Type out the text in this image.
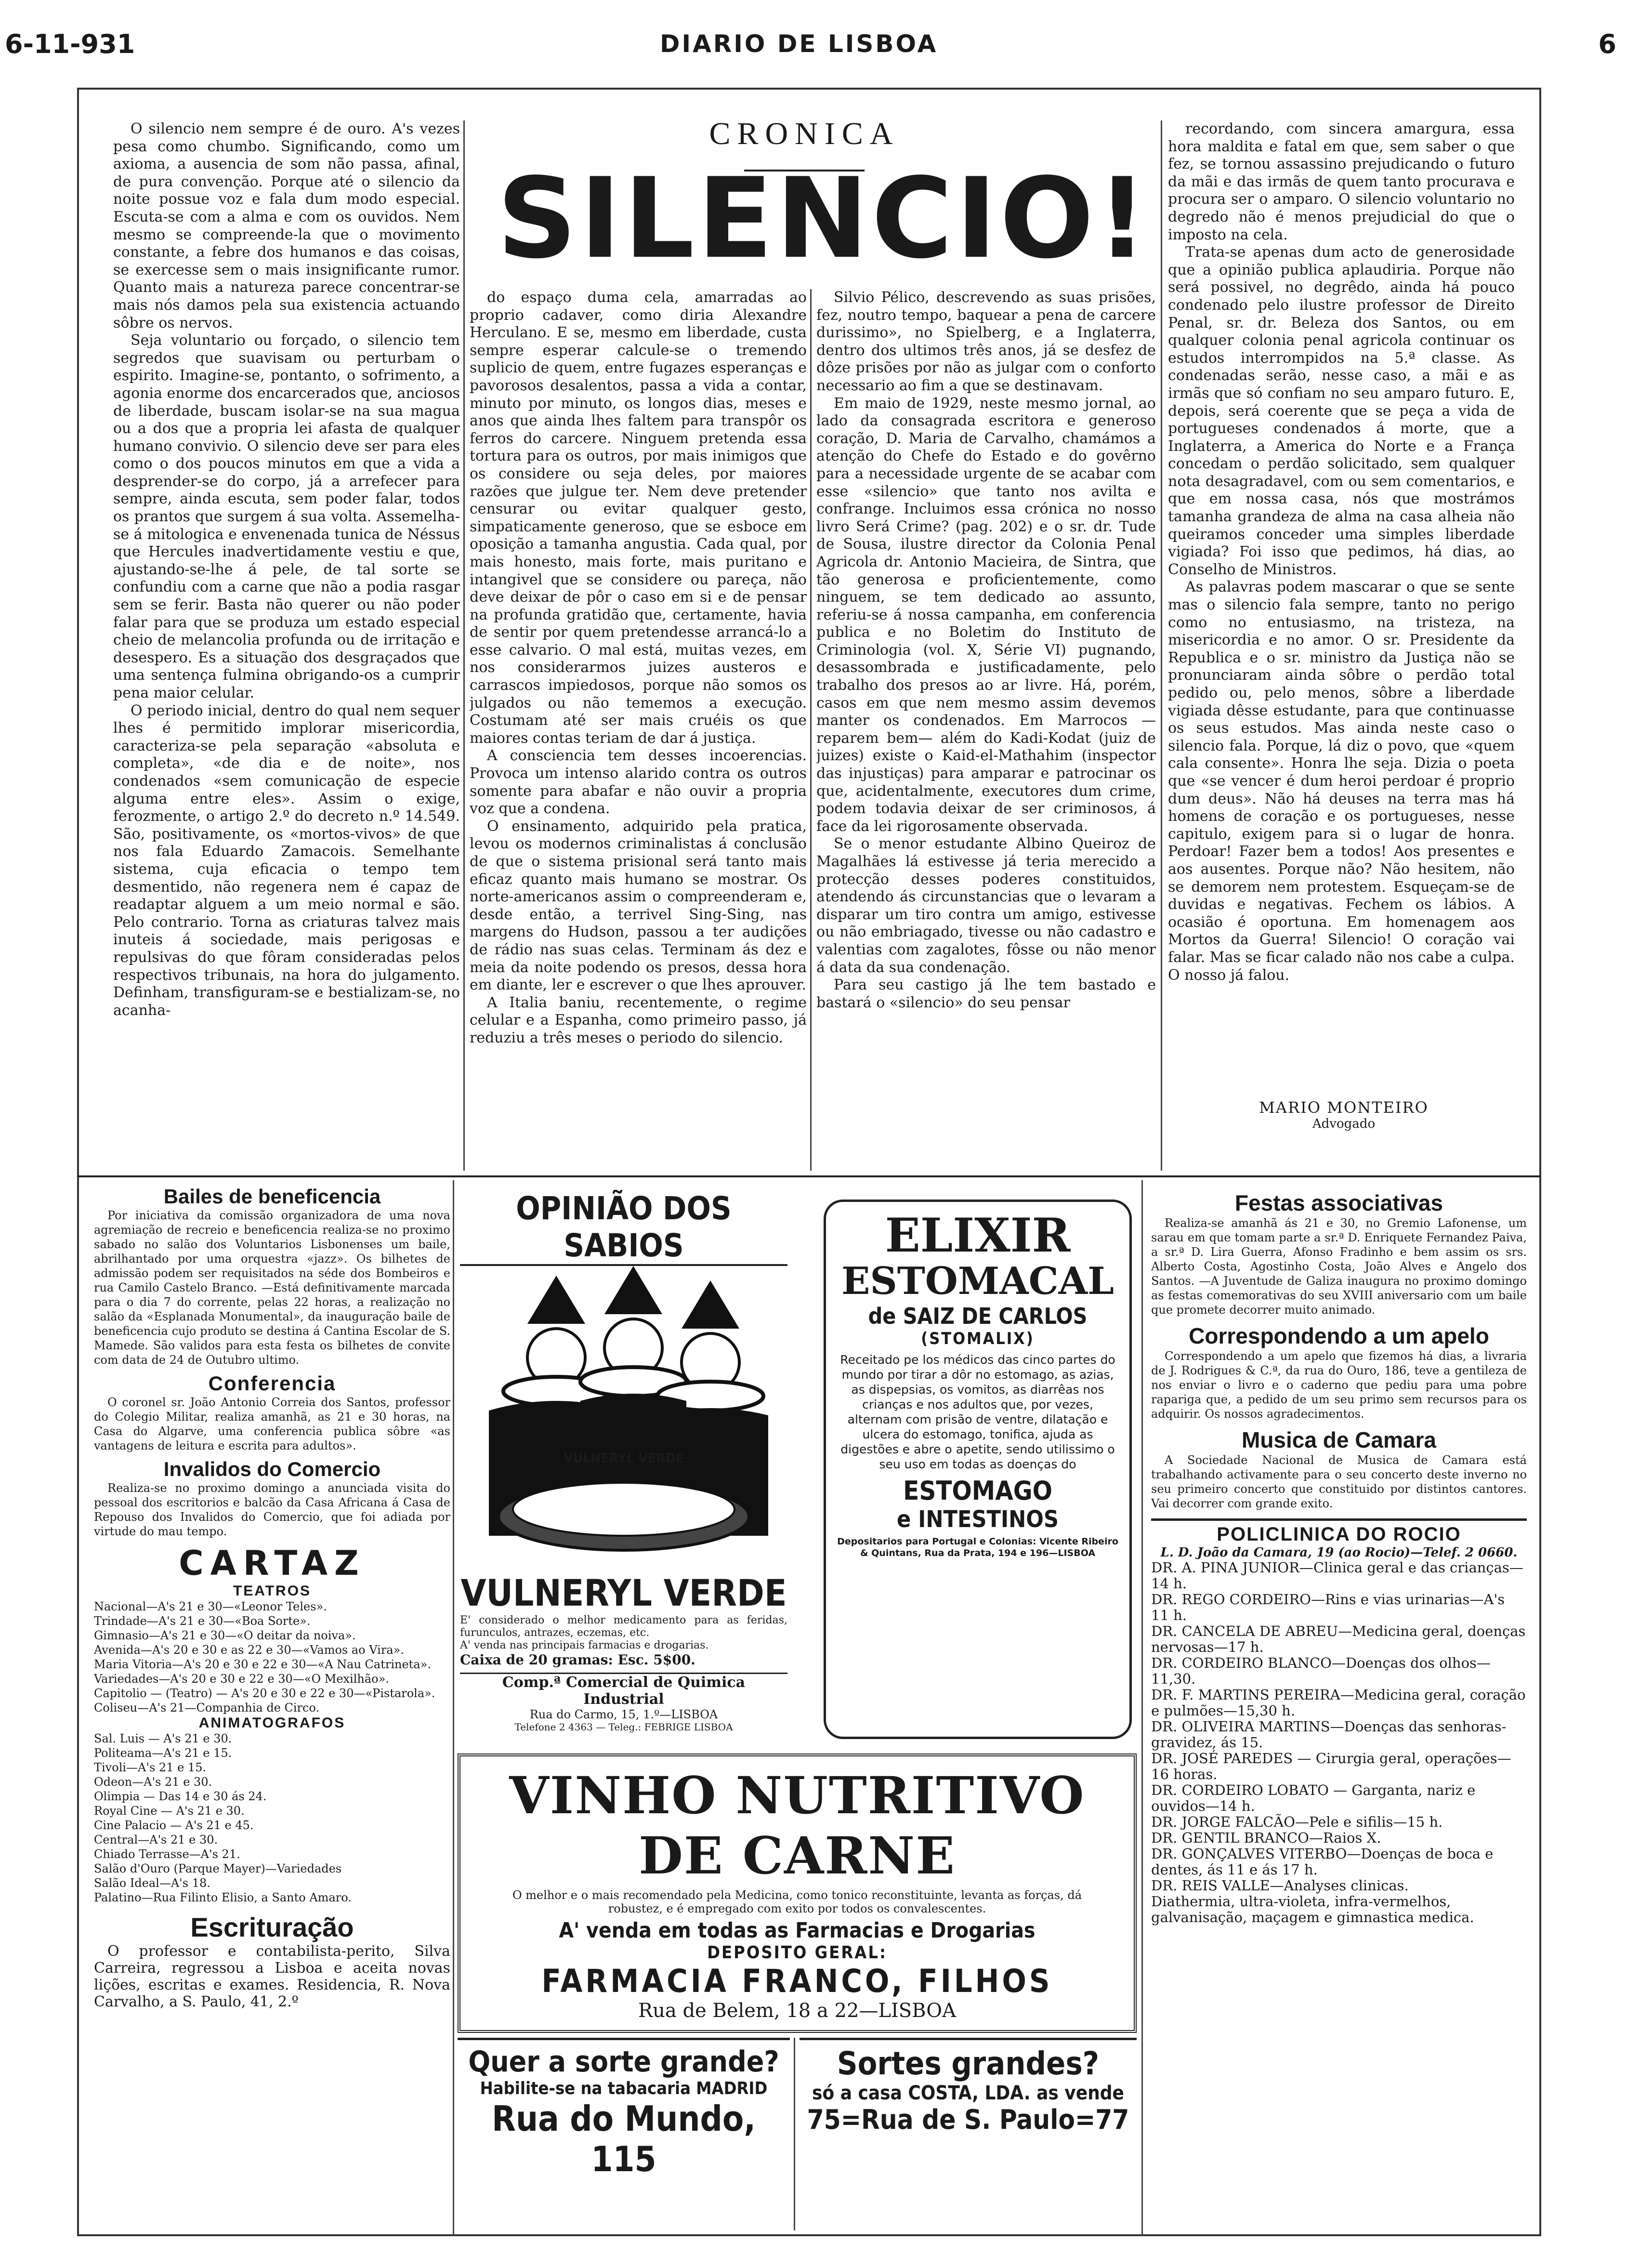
6-11-931	DIARIO DE LISBOA	6
CRONICA
SILENCIO!

O silencio nem sempre é de ouro. A's vezes pesa como chumbo. Significando, como um axioma, a ausencia de som não passa, afinal, de pura convenção. Porque até o silencio da noite possue voz e fala dum modo especial. Escuta-se com a alma e com os ouvidos. Nem mesmo se compreende-la que o movimento constante, a febre dos humanos e das coisas, se exercesse sem o mais insignificante rumor. Quanto mais a natureza parece concentrar-se mais nós damos pela sua existencia actuando sôbre os nervos.

Seja voluntario ou forçado, o silencio tem segredos que suavisam ou perturbam o espirito. Imagine-se, pontanto, o sofrimento, a agonia enorme dos encarcerados que, anciosos de liberdade, buscam isolar-se na sua magua ou a dos que a propria lei afasta de qualquer humano convivio. O silencio deve ser para eles como o dos poucos minutos em que a vida a desprender-se do corpo, já a arrefecer para sempre, ainda escuta, sem poder falar, todos os prantos que surgem á sua volta. Assemelha-se á mitologica e envenenada tunica de Néssus que Hercules inadvertidamente vestiu e que, ajustando-se-lhe á pele, de tal sorte se confundiu com a carne que não a podia rasgar sem se ferir. Basta não querer ou não poder falar para que se produza um estado especial cheio de melancolia profunda ou de irritação e desespero. Es a situação dos desgraçados que uma sentença fulmina obrigando-os a cumprir pena maior celular.

O periodo inicial, dentro do qual nem sequer lhes é permitido implorar misericordia, caracteriza-se pela separação «absoluta e completa», «de dia e de noite», nos condenados «sem comunicação de especie alguma entre eles». Assim o exige, ferozmente, o artigo 2.º do decreto n.º 14.549. São, positivamente, os «mortos-vivos» de que nos fala Eduardo Zamacois. Semelhante sistema, cuja eficacia o tempo tem desmentido, não regenera nem é capaz de readaptar alguem a um meio normal e são. Pelo contrario. Torna as criaturas talvez mais inuteis á sociedade, mais perigosas e repulsivas do que fôram consideradas pelos respectivos tribunais, na hora do julgamento. Definham, transfiguram-se e bestializam-se, no acanha-

do espaço duma cela, amarradas ao proprio cadaver, como diria Alexandre Herculano. E se, mesmo em liberdade, custa sempre esperar calcule-se o tremendo suplicio de quem, entre fugazes esperanças e pavorosos desalentos, passa a vida a contar, minuto por minuto, os longos dias, meses e anos que ainda lhes faltem para transpôr os ferros do carcere. Ninguem pretenda essa tortura para os outros, por mais inimigos que os considere ou seja deles, por maiores razões que julgue ter. Nem deve pretender censurar ou evitar qualquer gesto, simpaticamente generoso, que se esboce em oposição a tamanha angustia. Cada qual, por mais honesto, mais forte, mais puritano e intangivel que se considere ou pareça, não deve deixar de pôr o caso em si e de pensar na profunda gratidão que, certamente, havia de sentir por quem pretendesse arrancá-lo a esse calvario. O mal está, muitas vezes, em nos considerarmos juizes austeros e carrascos impiedosos, porque não somos os julgados ou não tememos a execução. Costumam até ser mais cruéis os que maiores contas teriam de dar á justiça.

A consciencia tem desses incoerencias. Provoca um intenso alarido contra os outros somente para abafar e não ouvir a propria voz que a condena.

O ensinamento, adquirido pela pratica, levou os modernos criminalistas á conclusão de que o sistema prisional será tanto mais eficaz quanto mais humano se mostrar. Os norte-americanos assim o compreenderam e, desde então, a terrivel Sing-Sing, nas margens do Hudson, passou a ter audições de rádio nas suas celas. Terminam ás dez e meia da noite podendo os presos, dessa hora em diante, ler e escrever o que lhes aprouver.

A Italia baniu, recentemente, o regime celular e a Espanha, como primeiro passo, já reduziu a três meses o periodo do silencio.

Silvio Pélico, descrevendo as suas prisões, fez, noutro tempo, baquear a pena de carcere durissimo», no Spielberg, e a Inglaterra, dentro dos ultimos três anos, já se desfez de dôze prisões por não as julgar com o conforto necessario ao fim a que se destinavam.

Em maio de 1929, neste mesmo jornal, ao lado da consagrada escritora e generoso coração, D. Maria de Carvalho, chamámos a atenção do Chefe do Estado e do govêrno para a necessidade urgente de se acabar com esse «silencio» que tanto nos avilta e confrange. Incluimos essa crónica no nosso livro Será Crime? (pag. 202) e o sr. dr. Tude de Sousa, ilustre director da Colonia Penal Agricola dr. Antonio Macieira, de Sintra, que tão generosa e proficientemente, como ninguem, se tem dedicado ao assunto, referiu-se á nossa campanha, em conferencia publica e no Boletim do Instituto de Criminologia (vol. X, Série VI) pugnando, desassombrada e justificadamente, pelo trabalho dos presos ao ar livre. Há, porém, casos em que nem mesmo assim devemos manter os condenados. Em Marrocos —reparem bem— além do Kadi-Kodat (juiz de juizes) existe o Kaid-el-Mathahim (inspector das injustiças) para amparar e patrocinar os que, acidentalmente, executores dum crime, podem todavia deixar de ser criminosos, á face da lei rigorosamente observada.

Se o menor estudante Albino Queiroz de Magalhães lá estivesse já teria merecido a protecção desses poderes constituidos, atendendo ás circunstancias que o levaram a disparar um tiro contra um amigo, estivesse ou não embriagado, tivesse ou não cadastro e valentias com zagalotes, fôsse ou não menor á data da sua condenação.

Para seu castigo já lhe tem bastado e bastará o «silencio» do seu pensar

recordando, com sincera amargura, essa hora maldita e fatal em que, sem saber o que fez, se tornou assassino prejudicando o futuro da mãi e das irmãs de quem tanto procurava e procura ser o amparo. O silencio voluntario no degredo não é menos prejudicial do que o imposto na cela.

Trata-se apenas dum acto de generosidade que a opinião publica aplaudiria. Porque não será possivel, no degrêdo, ainda há pouco condenado pelo ilustre professor de Direito Penal, sr. dr. Beleza dos Santos, ou em qualquer colonia penal agricola continuar os estudos interrompidos na 5.ª classe. As condenadas serão, nesse caso, a mãi e as irmãs que só confiam no seu amparo futuro. E, depois, será coerente que se peça a vida de portugueses condenados á morte, que a Inglaterra, a America do Norte e a França concedam o perdão solicitado, sem qualquer nota desagradavel, com ou sem comentarios, e que em nossa casa, nós que mostrámos tamanha grandeza de alma na casa alheia não queiramos conceder uma simples liberdade vigiada? Foi isso que pedimos, há dias, ao Conselho de Ministros.

As palavras podem mascarar o que se sente mas o silencio fala sempre, tanto no perigo como no entusiasmo, na tristeza, na misericordia e no amor. O sr. Presidente da Republica e o sr. ministro da Justiça não se pronunciaram ainda sôbre o perdão total pedido ou, pelo menos, sôbre a liberdade vigiada dêsse estudante, para que continuasse os seus estudos. Mas ainda neste caso o silencio fala. Porque, lá diz o povo, que «quem cala consente». Honra lhe seja. Dizia o poeta que «se vencer é dum heroi perdoar é proprio dum deus». Não há deuses na terra mas há homens de coração e os portugueses, nesse capitulo, exigem para si o lugar de honra. Perdoar! Fazer bem a todos! Aos presentes e aos ausentes. Porque não? Não hesitem, não se demorem nem protestem. Esqueçam-se de duvidas e negativas. Fechem os lábios. A ocasião é oportuna. Em homenagem aos Mortos da Guerra! Silencio! O coração vai falar. Mas se ficar calado não nos cabe a culpa. O nosso já falou.

MARIO MONTEIRO
Advogado
Bailes de beneficencia

Por iniciativa da comissão organizadora de uma nova agremiação de recreio e beneficencia realiza-se no proximo sabado no salão dos Voluntarios Lisbonenses um baile, abrilhantado por uma orquestra «jazz». Os bilhetes de admissão podem ser requisitados na séde dos Bombeiros e rua Camilo Castelo Branco. —Está definitivamente marcada para o dia 7 do corrente, pelas 22 horas, a realização no salão da «Esplanada Monumental», da inauguração baile de beneficencia cujo produto se destina á Cantina Escolar de S. Mamede. São validos para esta festa os bilhetes de convite com data de 24 de Outubro ultimo.

Conferencia

O coronel sr. João Antonio Correia dos Santos, professor do Colegio Militar, realiza amanhã, as 21 e 30 horas, na Casa do Algarve, uma conferencia publica sôbre «as vantagens de leitura e escrita para adultos».

Invalidos do Comercio

Realiza-se no proximo domingo a anunciada visita do pessoal dos escritorios e balcão da Casa Africana á Casa de Repouso dos Invalidos do Comercio, que foi adiada por virtude do mau tempo.

CARTAZ
TEATROS
Nacional—A's 21 e 30—«Leonor Teles».
Trindade—A's 21 e 30—«Boa Sorte».
Gimnasio—A's 21 e 30—«O deitar da noiva».
Avenida—A's 20 e 30 e as 22 e 30—«Vamos ao Vira».
Maria Vitoria—A's 20 e 30 e 22 e 30—«A Nau Catrineta».
Variedades—A's 20 e 30 e 22 e 30—«O Mexilhão».
Capitolio — (Teatro) — A's 20 e 30 e 22 e 30—«Pistarola».
Coliseu—A's 21—Companhia de Circo.
ANIMATOGRAFOS
Sal. Luis — A's 21 e 30.
Politeama—A's 21 e 15.
Tivoli—A's 21 e 15.
Odeon—A's 21 e 30.
Olimpia — Das 14 e 30 ás 24.
Royal Cine — A's 21 e 30.
Cine Palacio — A's 21 e 45.
Central—A's 21 e 30.
Chiado Terrasse—A's 21.
Salão d'Ouro (Parque Mayer)—Variedades
Salão Ideal—A's 18.
Palatino—Rua Filinto Elisio, a Santo Amaro.
Escrituração

O professor e contabilista-perito, Silva Carreira, regressou a Lisboa e aceita novas lições, escritas e exames. Residencia, R. Nova Carvalho, a S. Paulo, 41, 2.º

OPINIÃO DOS SABIOS
VULNERYL VERDE
VULNERYL VERDE
E' considerado o melhor medicamento para as feridas, furunculos, antrazes, eczemas, etc.
A' venda nas principais farmacias e drogarias.
Caixa de 20 gramas: Esc. 5$00.
Comp.ª Comercial de Quimica Industrial
Rua do Carmo, 15, 1.º—LISBOA
Telefone 2 4363 — Teleg.: FEBRIGE LISBOA
ELIXIR
ESTOMACAL
de SAIZ DE CARLOS
(STOMALIX)
Receitado pe los médicos das cinco partes do mundo por tirar a dôr no estomago, as azias, as dispepsias, os vomitos, as diarrêas nos crianças e nos adultos que, por vezes, alternam com prisão de ventre, dilatação e ulcera do estomago, tonifica, ajuda as digestões e abre o apetite, sendo utilissimo o seu uso em todas as doenças do
ESTOMAGO
e INTESTINOS
Depositarios para Portugal e Colonias: Vicente Ribeiro & Quintans, Rua da Prata, 194 e 196—LISBOA
VINHO NUTRITIVO DE CARNE
O melhor e o mais recomendado pela Medicina, como tonico reconstituinte, levanta as forças, dá robustez, e é empregado com exito por todos os convalescentes.
A' venda em todas as Farmacias e Drogarias
DEPOSITO GERAL:
FARMACIA FRANCO, FILHOS
Rua de Belem, 18 a 22—LISBOA
Quer a sorte grande?
Habilite-se na tabacaria MADRID
Rua do Mundo, 115
Sortes grandes?
só a casa COSTA, LDA. as vende
75=Rua de S. Paulo=77
Festas associativas

Realiza-se amanhã ás 21 e 30, no Gremio Lafonense, um sarau em que tomam parte a sr.ª D. Enriquete Fernandez Paiva, a sr.ª D. Lira Guerra, Afonso Fradinho e bem assim os srs. Alberto Costa, Agostinho Costa, João Alves e Angelo dos Santos. —A Juventude de Galiza inaugura no proximo domingo as festas comemorativas do seu XVIII aniversario com um baile que promete decorrer muito animado.

Correspondendo a um apelo

Correspondendo a um apelo que fizemos há dias, a livraria de J. Rodrigues & C.ª, da rua do Ouro, 186, teve a gentileza de nos enviar o livro e o caderno que pediu para uma pobre rapariga que, a pedido de um seu primo sem recursos para os adquirir. Os nossos agradecimentos.

Musica de Camara

A Sociedade Nacional de Musica de Camara está trabalhando activamente para o seu concerto deste inverno no seu primeiro concerto que constituido por distintos cantores. Vai decorrer com grande exito.

POLICLINICA DO ROCIO
L. D. João da Camara, 19 (ao Rocio)—Telef. 2 0660.
DR. A. PINA JUNIOR—Clinica geral e das crianças—14 h.
DR. REGO CORDEIRO—Rins e vias urinarias—A's 11 h.
DR. CANCELA DE ABREU—Medicina geral, doenças nervosas—17 h.
DR. CORDEIRO BLANCO—Doenças dos olhos—11,30.
DR. F. MARTINS PEREIRA—Medicina geral, coração e pulmões—15,30 h.
DR. OLIVEIRA MARTINS—Doenças das senhoras-gravidez, ás 15.
DR. JOSÉ PAREDES — Cirurgia geral, operações—16 horas.
DR. CORDEIRO LOBATO — Garganta, nariz e ouvidos—14 h.
DR. JORGE FALCÃO—Pele e sifilis—15 h.
DR. GENTIL BRANCO—Raios X.
DR. GONÇALVES VITERBO—Doenças de boca e dentes, ás 11 e ás 17 h.
DR. REIS VALLE—Analyses clinicas.
Diathermia, ultra-violeta, infra-vermelhos, galvanisação, maçagem e gimnastica medica.
